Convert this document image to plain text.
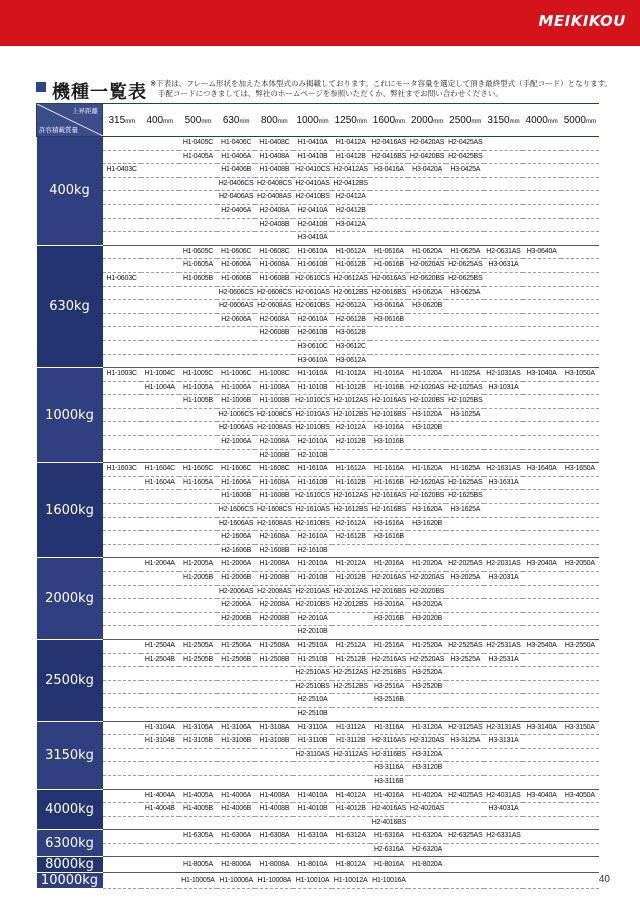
MEIKIKOU
機種一覧表 ※下表は、フレーム形状を加えた本体型式のみ掲載しております。これにモータ容量を選定して頂き最終型式（手配コード）となります。
手配コードにつきましては、弊社のホームページを参照いただくか、弊社までお問い合わせください。
上昇距離
許容積載質量	315mm	400mm	500mm	630mm	800mm	1000mm	1250mm	1600mm	2000mm	2500mm	3150mm	4000mm	5000mm
400kg			H1-0405C	H1-0406C	H1-0408C	H1-0410A	H1-0412A	H2-0416AS	H2-0420AS	H2-0425AS			
			H1-0405A	H1-0406A	H1-0408A	H1-0410B	H1-0412B	H2-0416BS	H2-0420BS	H2-0425BS			
	H1-0403C			H1-0406B	H1-0408B	H2-0410CS	H2-0412AS	H3-0416A	H3-0420A	H3-0425A			
				H2-0406CS	H2-0408CS	H2-0410AS	H2-0412BS						
				H2-0406AS	H2-0408AS	H2-0410BS	H2-0412A						
				H2-0406A	H2-0408A	H2-0410A	H2-0412B						
					H2-0408B	H2-0410B	H3-0412A						
						H3-0410A							
630kg			H1-0605C	H1-0606C	H1-0608C	H1-0610A	H1-0612A	H1-0616A	H1-0620A	H1-0625A	H2-0631AS	H3-0640A	
			H1-0605A	H1-0606A	H1-0608A	H1-0610B	H1-0612B	H1-0616B	H2-0620AS	H2-0625AS	H3-0631A		
	H1-0603C		H1-0605B	H1-0606B	H1-0608B	H2-0610CS	H2-0612AS	H2-0616AS	H2-0620BS	H2-0625BS			
				H2-0606CS	H2-0608CS	H2-0610AS	H2-0612BS	H2-0616BS	H3-0620A	H3-0625A			
				H2-0606AS	H2-0608AS	H2-0610BS	H2-0612A	H3-0616A	H3-0620B				
				H2-0606A	H2-0608A	H2-0610A	H2-0612B	H3-0616B					
					H2-0608B	H2-0610B	H3-0612B						
						H3-0610C	H3-0612C						
						H3-0610A	H3-0612A						
1000kg	H1-1003C	H1-1004C	H1-1005C	H1-1006C	H1-1008C	H1-1010A	H1-1012A	H1-1016A	H1-1020A	H1-1025A	H2-1031AS	H3-1040A	H3-1050A
		H1-1004A	H1-1005A	H1-1006A	H1-1008A	H1-1010B	H1-1012B	H1-1016B	H2-1020AS	H2-1025AS	H3-1031A		
			H1-1005B	H1-1006B	H1-1008B	H2-1010CS	H2-1012AS	H2-1016AS	H2-1020BS	H2-1025BS			
				H2-1006CS	H2-1008CS	H2-1010AS	H2-1012BS	H2-1016BS	H3-1020A	H3-1025A			
				H2-1006AS	H2-1008AS	H2-1010BS	H2-1012A	H3-1016A	H3-1020B				
				H2-1006A	H2-1008A	H2-1010A	H2-1012B	H3-1016B					
					H2-1008B	H2-1010B							
1600kg	H1-1603C	H1-1604C	H1-1605C	H1-1606C	H1-1608C	H1-1610A	H1-1612A	H1-1616A	H1-1620A	H1-1625A	H2-1631AS	H3-1640A	H3-1650A
		H1-1604A	H1-1605A	H1-1606A	H1-1608A	H1-1610B	H1-1612B	H1-1616B	H2-1620AS	H2-1625AS	H3-1631A		
				H1-1606B	H1-1608B	H2-1610CS	H2-1612AS	H2-1616AS	H2-1620BS	H2-1625BS			
				H2-1606CS	H2-1608CS	H2-1610AS	H2-1612BS	H2-1616BS	H3-1620A	H3-1625A			
				H2-1606AS	H2-1608AS	H2-1610BS	H2-1612A	H3-1616A	H3-1620B				
				H2-1606A	H2-1608A	H2-1610A	H2-1612B	H3-1616B					
				H2-1606B	H2-1608B	H2-1610B							
2000kg		H1-2004A	H1-2005A	H1-2006A	H1-2008A	H1-2010A	H1-2012A	H1-2016A	H1-2020A	H2-2025AS	H2-2031AS	H3-2040A	H3-2050A
			H1-2005B	H1-2006B	H1-2008B	H1-2010B	H1-2012B	H2-2016AS	H2-2020AS	H3-2025A	H3-2031A		
				H2-2006AS	H2-2008AS	H2-2010AS	H2-2012AS	H2-2016BS	H2-2020BS				
				H2-2006A	H2-2008A	H2-2010BS	H2-2012BS	H3-2016A	H3-2020A				
				H2-2006B	H2-2008B	H2-2010A		H3-2016B	H3-2020B				
						H2-2010B							
2500kg		H1-2504A	H1-2505A	H1-2506A	H1-2508A	H1-2510A	H1-2512A	H1-2516A	H1-2520A	H2-2525AS	H2-2531AS	H3-2540A	H3-2550A
		H1-2504B	H1-2505B	H1-2506B	H1-2508B	H1-2510B	H1-2512B	H2-2516AS	H2-2520AS	H3-2525A	H3-2531A		
						H2-2510AS	H2-2512AS	H2-2516BS	H3-2520A				
						H2-2510BS	H2-2512BS	H3-2516A	H3-2520B				
						H2-2510A		H3-2516B					
						H2-2510B							
3150kg		H1-3104A	H1-3105A	H1-3106A	H1-3108A	H1-3110A	H1-3112A	H1-3116A	H1-3120A	H2-3125AS	H2-3131AS	H3-3140A	H3-3150A
		H1-3104B	H1-3105B	H1-3106B	H1-3108B	H1-3110B	H1-3112B	H2-3116AS	H2-3120AS	H3-3125A	H3-3131A		
						H2-3110AS	H2-3112AS	H2-3116BS	H3-3120A				
								H3-3116A	H3-3120B				
								H3-3116B					
4000kg		H1-4004A	H1-4005A	H1-4006A	H1-4008A	H1-4010A	H1-4012A	H1-4016A	H1-4020A	H2-4025AS	H2-4031AS	H3-4040A	H3-4050A
		H1-4004B	H1-4005B	H1-4006B	H1-4008B	H1-4010B	H1-4012B	H2-4016AS	H2-4020AS		H3-4031A		
								H2-4016BS					
6300kg			H1-6305A	H1-6306A	H1-6308A	H1-6310A	H1-6312A	H1-6316A	H1-6320A	H2-6325AS	H2-6331AS		
								H2-6316A	H2-6320A				
8000kg			H1-8005A	H1-8006A	H1-8008A	H1-8010A	H1-8012A	H1-8016A	H1-8020A				
10000kg			H1-10005A	H1-10006A	H1-10008A	H1-10010A	H1-10012A	H1-10016A						40
